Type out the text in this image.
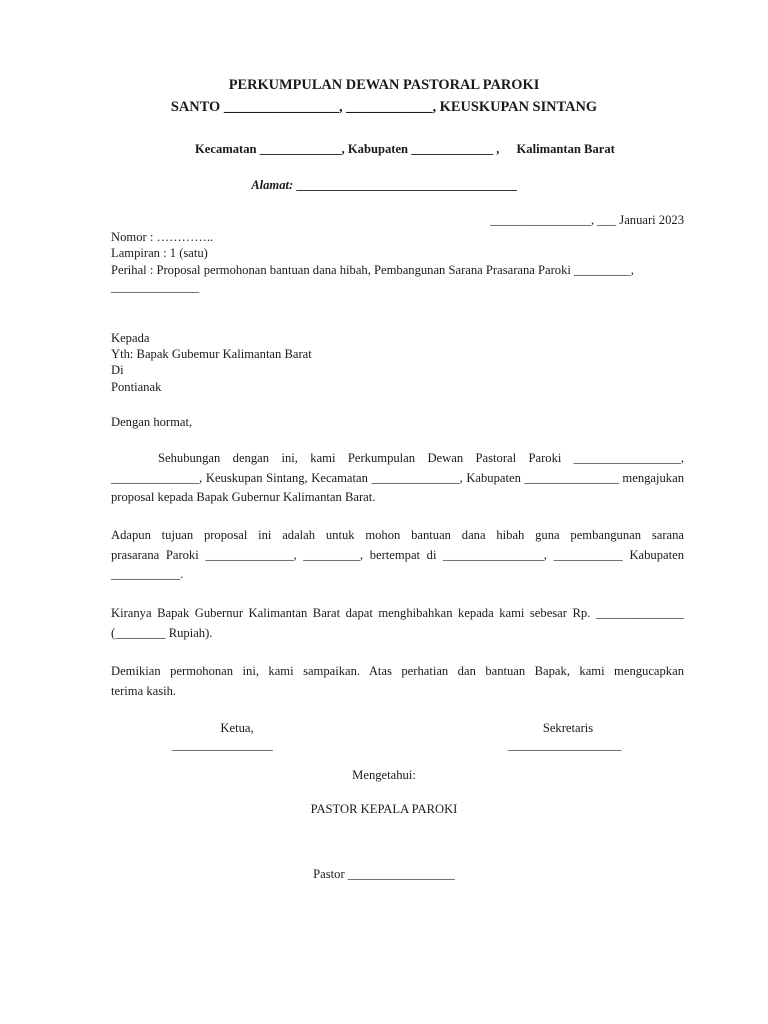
PERKUMPULAN DEWAN PASTORAL PAROKI
SANTO ________________, ____________, KEUSKUPAN SINTANG
Kecamatan _____________, Kabupaten _____________ , Kalimantan Barat
Alamat: ___________________________________
________________, ___ Januari 2023
Nomor : …………..
Lampiran : 1 (satu)
Perihal : Proposal permohonan bantuan dana hibah, Pembangunan Sarana Prasarana Paroki _________,
______________
Kepada
Yth: Bapak Gubemur Kalimantan Barat
Di
Pontianak
Dengan hormat,
Sehubungan dengan ini, kami Perkumpulan Dewan Pastoral Paroki _________________,
______________, Keuskupan Sintang, Kecamatan ______________, Kabupaten _______________ mengajukan
proposal kepada Bapak Gubernur Kalimantan Barat.
Adapun tujuan proposal ini adalah untuk mohon bantuan dana hibah guna pembangunan sarana
prasarana Paroki ______________, _________, bertempat di ________________, ___________ Kabupaten
___________.
Kiranya Bapak Gubernur Kalimantan Barat dapat menghibahkan kepada kami sebesar Rp. ______________
(________ Rupiah).
Demikian permohonan ini, kami sampaikan. Atas perhatian dan bantuan Bapak, kami mengucapkan
terima kasih.
Ketua,
________________
Sekretaris
__________________
Mengetahui:
PASTOR KEPALA PAROKI
Pastor _________________
